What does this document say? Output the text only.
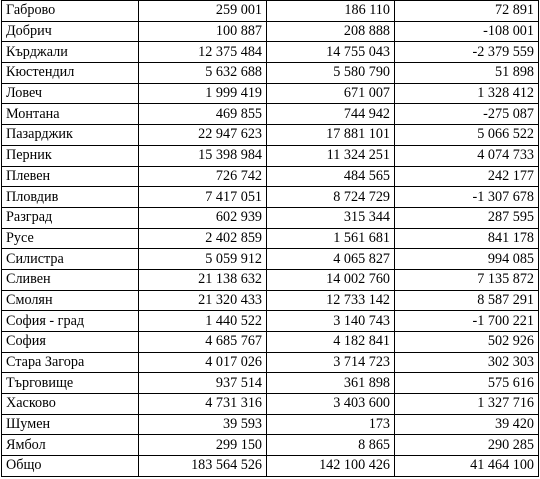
Габрово	259 001	186 110	72 891
Добрич	100 887	208 888	-108 001
Кърджали	12 375 484	14 755 043	-2 379 559
Кюстендил	5 632 688	5 580 790	51 898
Ловеч	1 999 419	671 007	1 328 412
Монтана	469 855	744 942	-275 087
Пазарджик	22 947 623	17 881 101	5 066 522
Перник	15 398 984	11 324 251	4 074 733
Плевен	726 742	484 565	242 177
Пловдив	7 417 051	8 724 729	-1 307 678
Разград	602 939	315 344	287 595
Русе	2 402 859	1 561 681	841 178
Силистра	5 059 912	4 065 827	994 085
Сливен	21 138 632	14 002 760	7 135 872
Смолян	21 320 433	12 733 142	8 587 291
София - град	1 440 522	3 140 743	-1 700 221
София	4 685 767	4 182 841	502 926
Стара Загора	4 017 026	3 714 723	302 303
Търговище	937 514	361 898	575 616
Хасково	4 731 316	3 403 600	1 327 716
Шумен	39 593	173	39 420
Ямбол	299 150	8 865	290 285
Общо	183 564 526	142 100 426	41 464 100
